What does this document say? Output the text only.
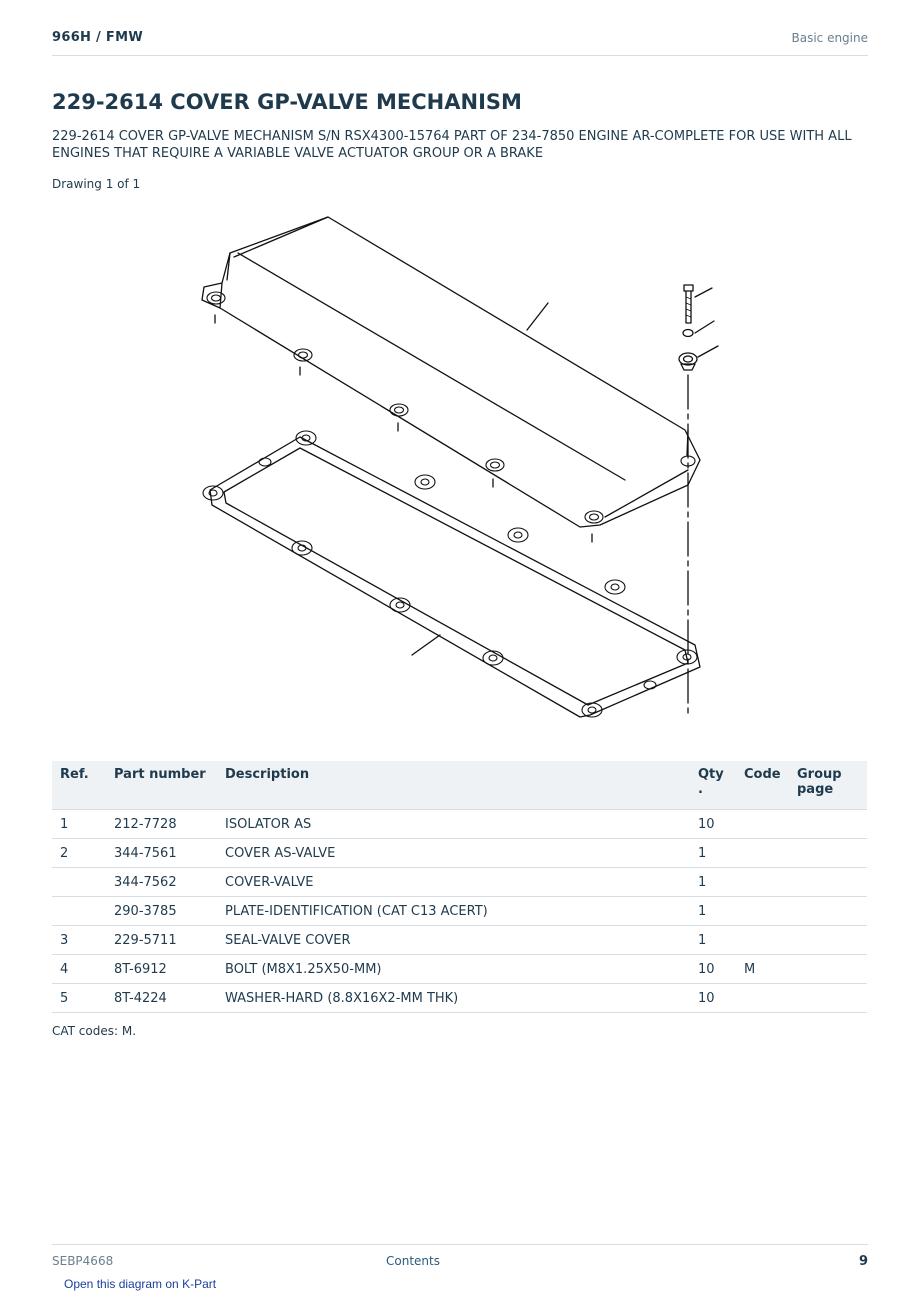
966H / FMW	Basic engine
229-2614 COVER GP-VALVE MECHANISM
229-2614 COVER GP-VALVE MECHANISM S/N RSX4300-15764 PART OF 234-7850 ENGINE AR-COMPLETE FOR USE WITH ALL ENGINES THAT REQUIRE A VARIABLE VALVE ACTUATOR GROUP OR A BRAKE
Drawing 1 of 1
Ref.	Part number	Description	Qty .	Code	Group page
1	212-7728	ISOLATOR AS	10		
2	344-7561	COVER AS-VALVE	1		
	344-7562	COVER-VALVE	1		
	290-3785	PLATE-IDENTIFICATION (CAT C13 ACERT)	1		
3	229-5711	SEAL-VALVE COVER	1		
4	8T-6912	BOLT (M8X1.25X50-MM)	10	M	
5	8T-4224	WASHER-HARD (8.8X16X2-MM THK)	10		
CAT codes: M.
SEBP4668	Contents	9
Open this diagram on K-Part
